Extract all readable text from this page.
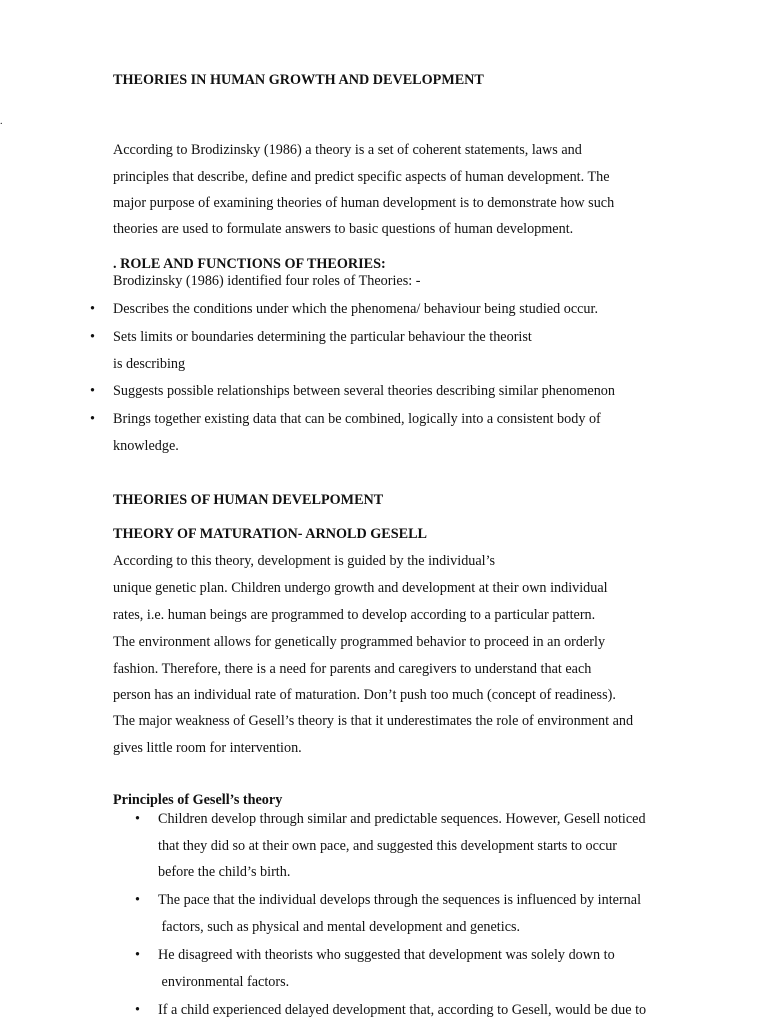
.
THEORIES IN HUMAN GROWTH AND DEVELOPMENT
According to Brodizinsky (1986) a theory is a set of coherent statements, laws and
principles that describe, define and predict specific aspects of human development. The
major purpose of examining theories of human development is to demonstrate how such
theories are used to formulate answers to basic questions of human development.
. ROLE AND FUNCTIONS OF THEORIES:
Brodizinsky (1986) identified four roles of Theories: -
• Describes the conditions under which the phenomena/ behaviour being studied occur.
• Sets limits or boundaries determining the particular behaviour the theorist
is describing
• Suggests possible relationships between several theories describing similar phenomenon
• Brings together existing data that can be combined, logically into a consistent body of
knowledge.
THEORIES OF HUMAN DEVELPOMENT
THEORY OF MATURATION- ARNOLD GESELL
According to this theory, development is guided by the individual’s
unique genetic plan. Children undergo growth and development at their own individual
rates, i.e. human beings are programmed to develop according to a particular pattern.
The environment allows for genetically programmed behavior to proceed in an orderly
fashion. Therefore, there is a need for parents and caregivers to understand that each
person has an individual rate of maturation. Don’t push too much (concept of readiness).
The major weakness of Gesell’s theory is that it underestimates the role of environment and
gives little room for intervention.
Principles of Gesell’s theory
• Children develop through similar and predictable sequences. However, Gesell noticed
that they did so at their own pace, and suggested this development starts to occur
before the child’s birth.
• The pace that the individual develops through the sequences is influenced by internal
factors, such as physical and mental development and genetics.
• He disagreed with theorists who suggested that development was solely down to
environmental factors.
• If a child experienced delayed development that, according to Gesell, would be due to
